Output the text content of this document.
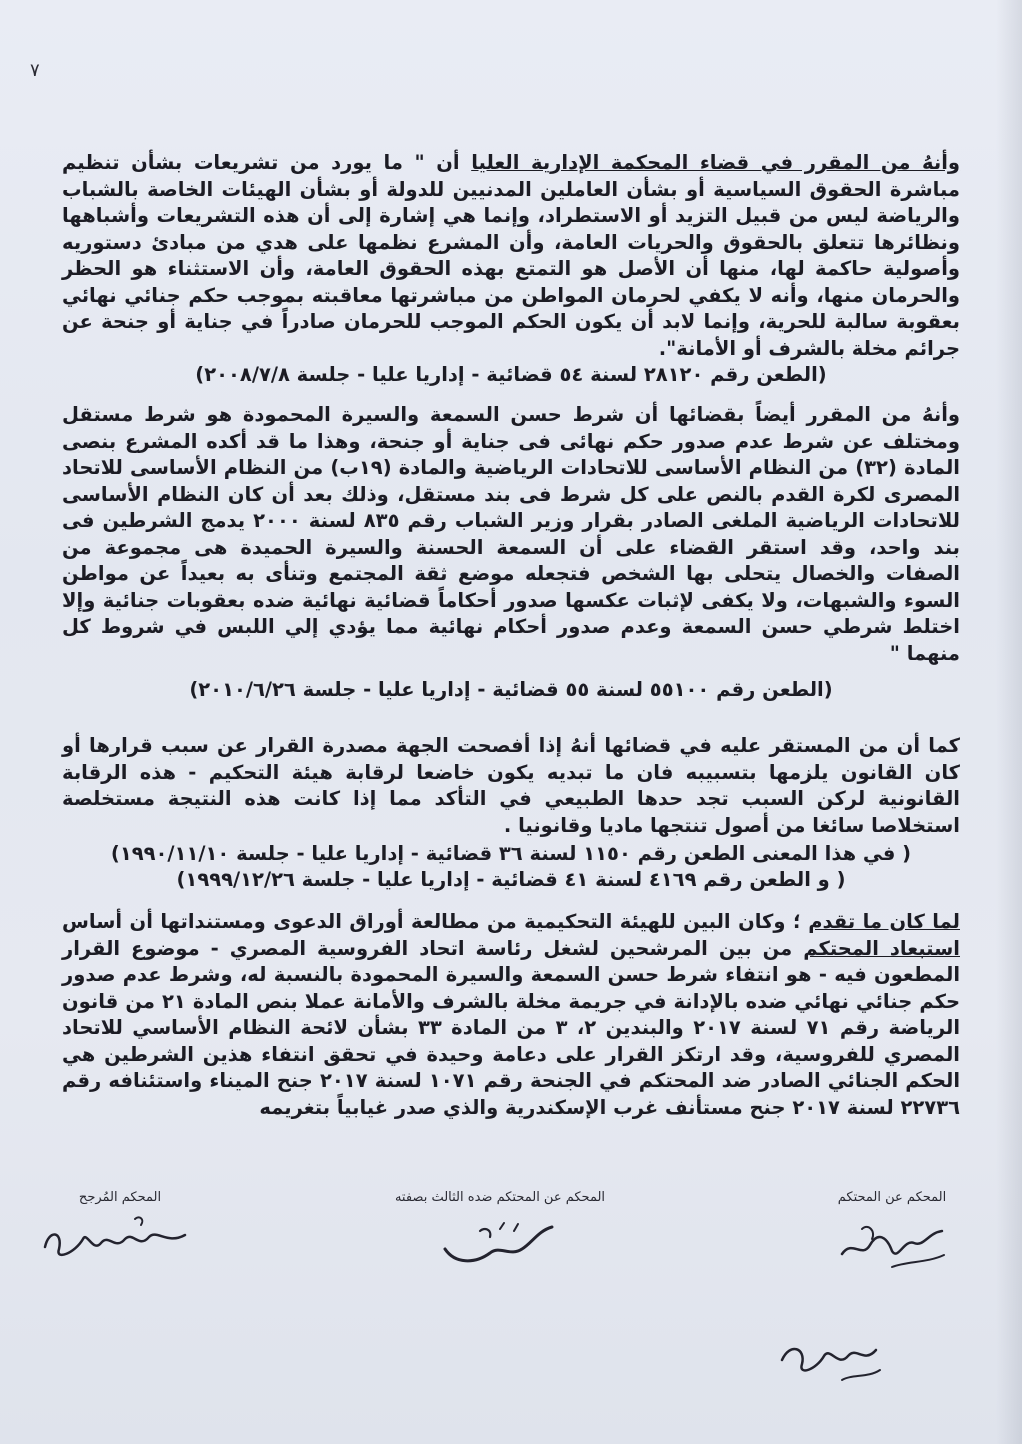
٧

وأنهُ من المقرر في قضاء المحكمة الإدارية العليا أن " ما يورد من تشريعات بشأن تنظيم مباشرة الحقوق السياسية أو بشأن العاملين المدنيين للدولة أو بشأن الهيئات الخاصة بالشباب والرياضة ليس من قبيل التزيد أو الاستطراد، وإنما هي إشارة إلى أن هذه التشريعات وأشباهها ونظائرها تتعلق بالحقوق والحريات العامة، وأن المشرع نظمها على هدي من مبادئ دستوريه وأصولية حاكمة لها، منها أن الأصل هو التمتع بهذه الحقوق العامة، وأن الاستثناء هو الحظر والحرمان منها، وأنه لا يكفي لحرمان المواطن من مباشرتها معاقبته بموجب حكم جنائي نهائي بعقوبة سالبة للحرية، وإنما لابد أن يكون الحكم الموجب للحرمان صادراً في جناية أو جنحة عن جرائم مخلة بالشرف أو الأمانة".

(الطعن رقم ٢٨١٢٠ لسنة ٥٤ قضائية - إداريا عليا - جلسة ٢٠٠٨/٧/٨)

وأنهُ من المقرر أيضاً بقضائها أن شرط حسن السمعة والسيرة المحمودة هو شرط مستقل ومختلف عن شرط عدم صدور حكم نهائى فى جناية أو جنحة، وهذا ما قد أكده المشرع بنصى المادة (٣٢) من النظام الأساسى للاتحادات الرياضية والمادة (١٩ب) من النظام الأساسى للاتحاد المصرى لكرة القدم بالنص على كل شرط فى بند مستقل، وذلك بعد أن كان النظام الأساسى للاتحادات الرياضية الملغى الصادر بقرار وزير الشباب رقم ٨٣٥ لسنة ٢٠٠٠ يدمج الشرطين فى بند واحد، وقد استقر القضاء على أن السمعة الحسنة والسيرة الحميدة هى مجموعة من الصفات والخصال يتحلى بها الشخص فتجعله موضع ثقة المجتمع وتنأى به بعيداً عن مواطن السوء والشبهات، ولا يكفى لإثبات عكسها صدور أحكاماً قضائية نهائية ضده بعقوبات جنائية وإلا اختلط شرطي حسن السمعة وعدم صدور أحكام نهائية مما يؤدي إلي اللبس في شروط كل منهما "

(الطعن رقم ٥٥١٠٠ لسنة ٥٥ قضائية - إداريا عليا - جلسة ٢٠١٠/٦/٢٦)

كما أن من المستقر عليه في قضائها أنهُ إذا أفصحت الجهة مصدرة القرار عن سبب قرارها أو كان القانون يلزمها بتسبيبه فان ما تبديه يكون خاضعا لرقابة هيئة التحكيم - هذه الرقابة القانونية لركن السبب تجد حدها الطبيعي في التأكد مما إذا كانت هذه النتيجة مستخلصة استخلاصا سائغا من أصول تنتجها ماديا وقانونيا .

( في هذا المعنى الطعن رقم ١١٥٠ لسنة ٣٦ قضائية - إداريا عليا - جلسة ١٩٩٠/١١/١٠)

( و الطعن رقم ٤١٦٩ لسنة ٤١ قضائية - إداريا عليا - جلسة ١٩٩٩/١٢/٢٦)

لما كان ما تقدم ؛ وكان البين للهيئة التحكيمية من مطالعة أوراق الدعوى ومستنداتها أن أساس استبعاد المحتكم من بين المرشحين لشغل رئاسة اتحاد الفروسية المصري - موضوع القرار المطعون فيه - هو انتفاء شرط حسن السمعة والسيرة المحمودة بالنسبة له، وشرط عدم صدور حكم جنائي نهائي ضده بالإدانة في جريمة مخلة بالشرف والأمانة عملا بنص المادة ٢١ من قانون الرياضة رقم ٧١ لسنة ٢٠١٧ والبندين ٢، ٣ من المادة ٣٣ بشأن لائحة النظام الأساسي للاتحاد المصري للفروسية، وقد ارتكز القرار على دعامة وحيدة في تحقق انتفاء هذين الشرطين هي الحكم الجنائي الصادر ضد المحتكم في الجنحة رقم ١٠٧١ لسنة ٢٠١٧ جنح الميناء واستئنافه رقم ٢٢٧٣٦ لسنة ٢٠١٧ جنح مستأنف غرب الإسكندرية والذي صدر غيابياً بتغريمه

المحكم عن المحتكم
المحكم عن المحتكم ضده الثالث بصفته
المحكم المُرجح
